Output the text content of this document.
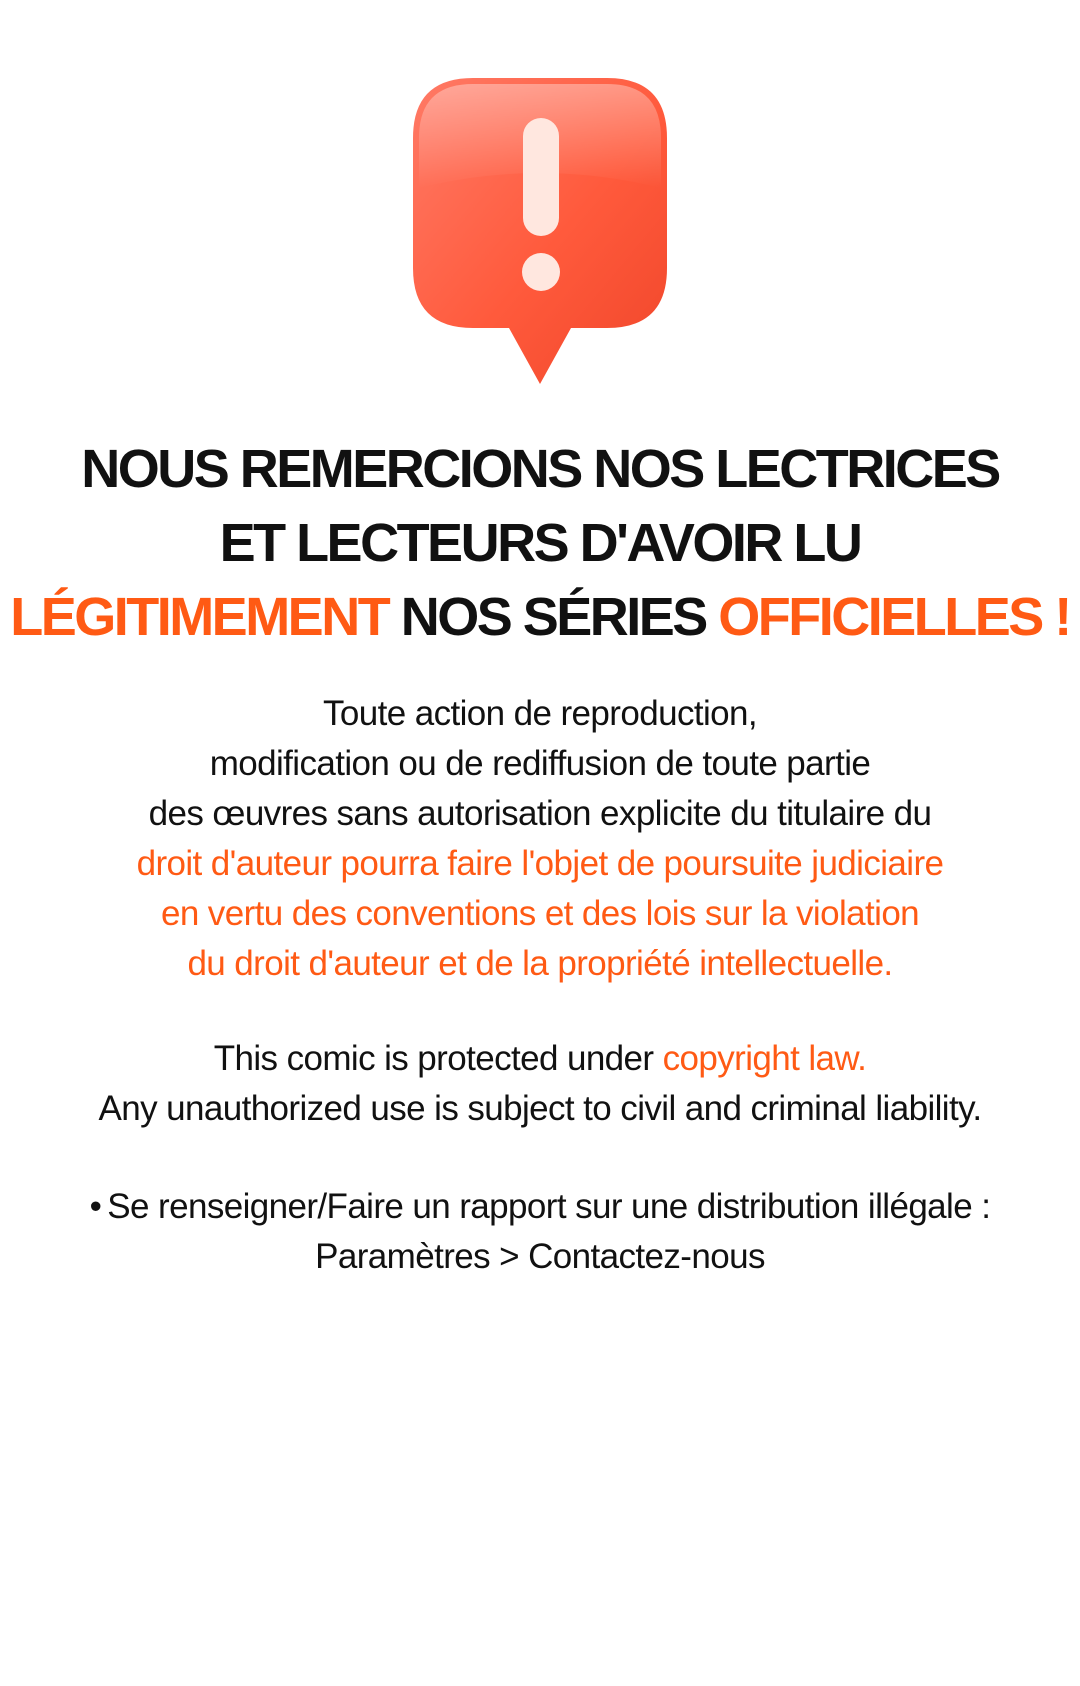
NOUS REMERCIONS NOS LECTRICES
ET LECTEURS D'AVOIR LU
LÉGITIMEMENT NOS SÉRIES OFFICIELLES !
Toute action de reproduction,
modification ou de rediffusion de toute partie
des œuvres sans autorisation explicite du titulaire du
droit d'auteur pourra faire l'objet de poursuite judiciaire
en vertu des conventions et des lois sur la violation
du droit d'auteur et de la propriété intellectuelle.
This comic is protected under copyright law.
Any unauthorized use is subject to civil and criminal liability.
• Se renseigner/Faire un rapport sur une distribution illégale :
Paramètres > Contactez-nous
